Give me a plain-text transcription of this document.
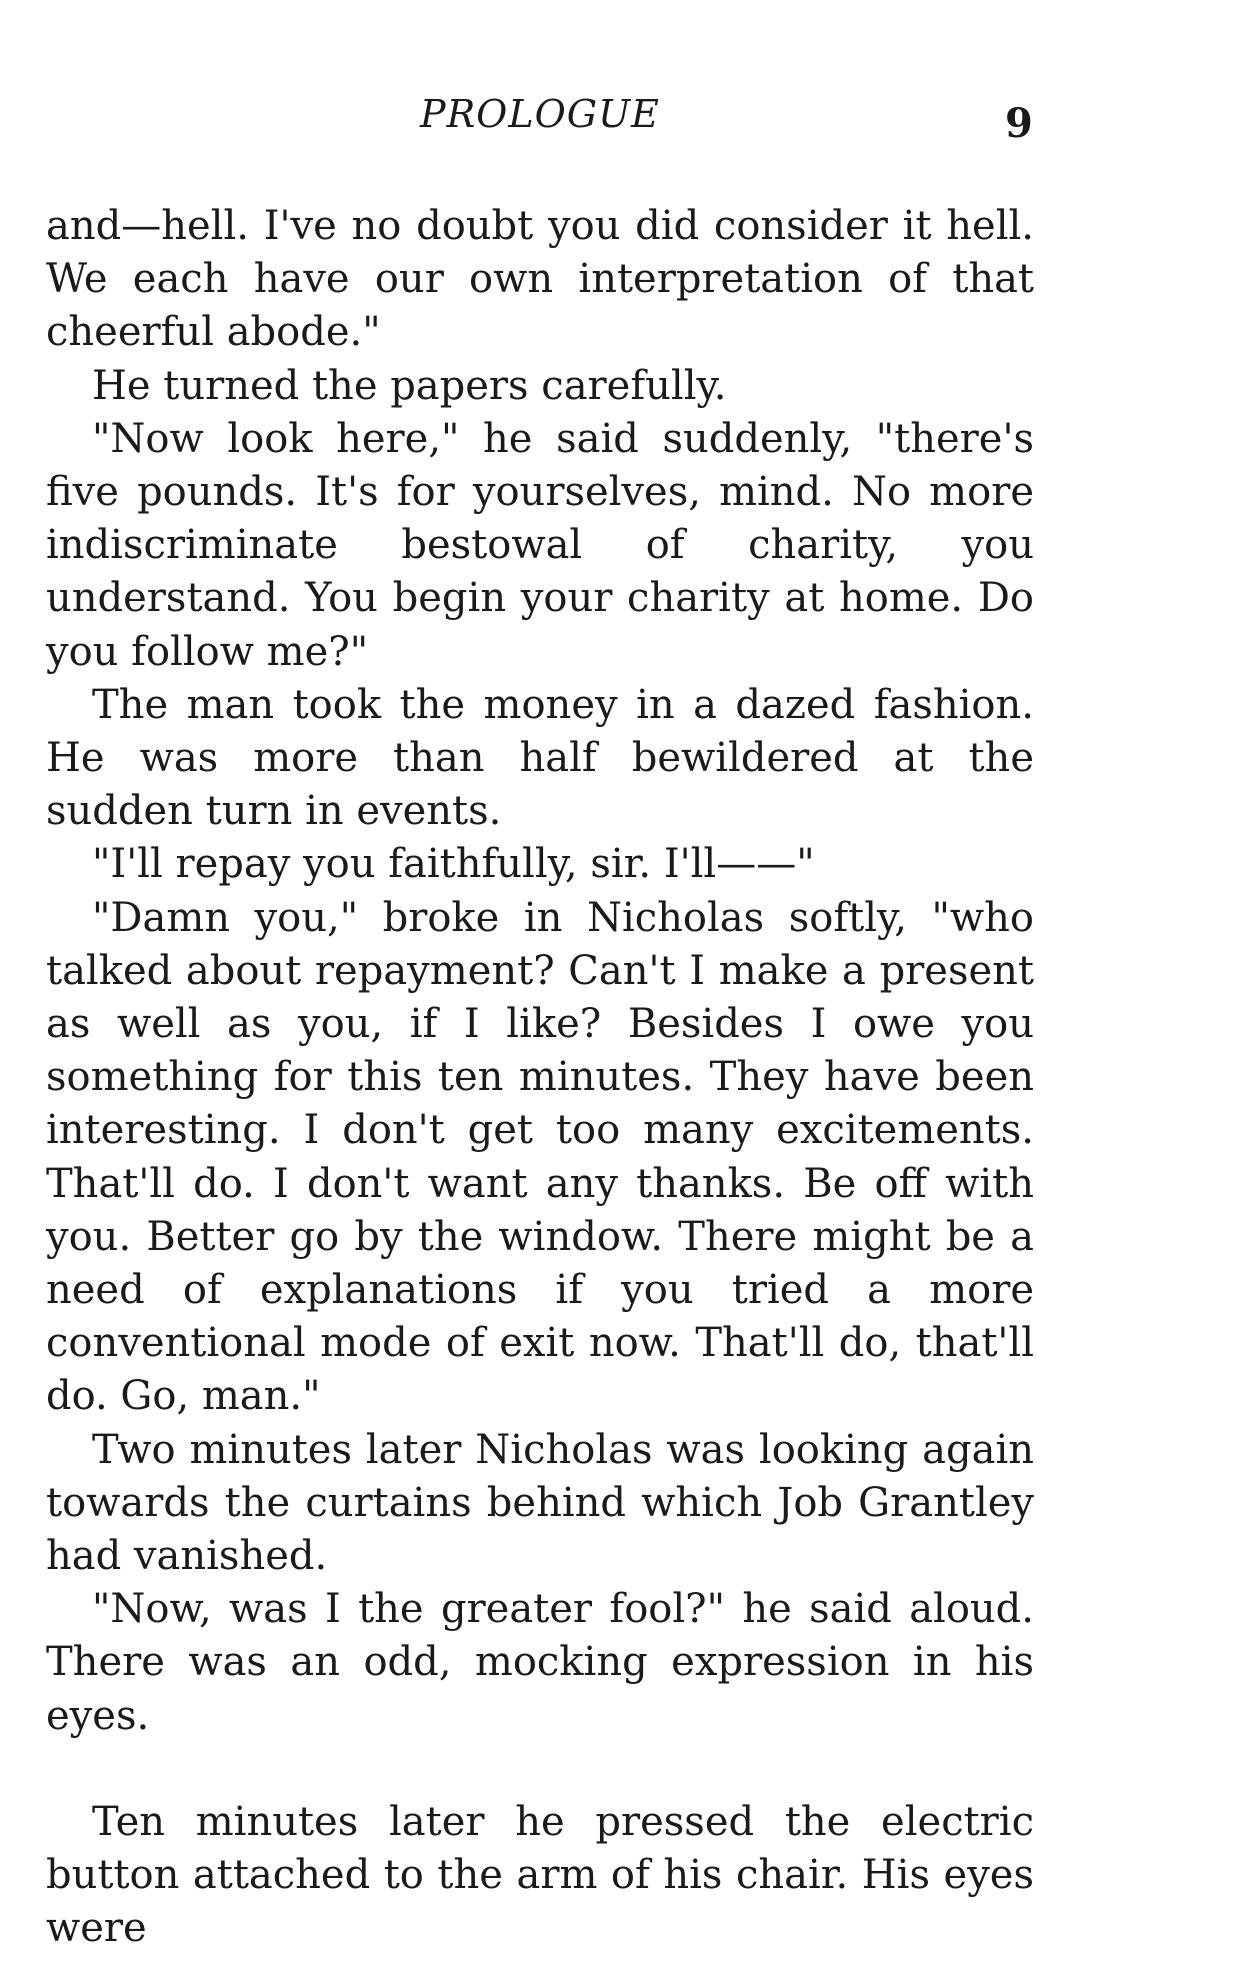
PROLOGUE	9

and—hell. I've no doubt you did consider it hell. We each have our own interpretation of that cheerful abode."

He turned the papers carefully.

"Now look here," he said suddenly, "there's five pounds. It's for yourselves, mind. No more indiscriminate bestowal of charity, you understand. You begin your charity at home. Do you follow me?"

The man took the money in a dazed fashion. He was more than half bewildered at the sudden turn in events.

"I'll repay you faithfully, sir. I'll——"

"Damn you," broke in Nicholas softly, "who talked about repayment? Can't I make a present as well as you, if I like? Besides I owe you something for this ten minutes. They have been interesting. I don't get too many excitements. That'll do. I don't want any thanks. Be off with you. Better go by the window. There might be a need of explanations if you tried a more conventional mode of exit now. That'll do, that'll do. Go, man."

Two minutes later Nicholas was looking again towards the curtains behind which Job Grantley had vanished.

"Now, was I the greater fool?" he said aloud. There was an odd, mocking expression in his eyes.

Ten minutes later he pressed the electric button attached to the arm of his chair. His eyes were
